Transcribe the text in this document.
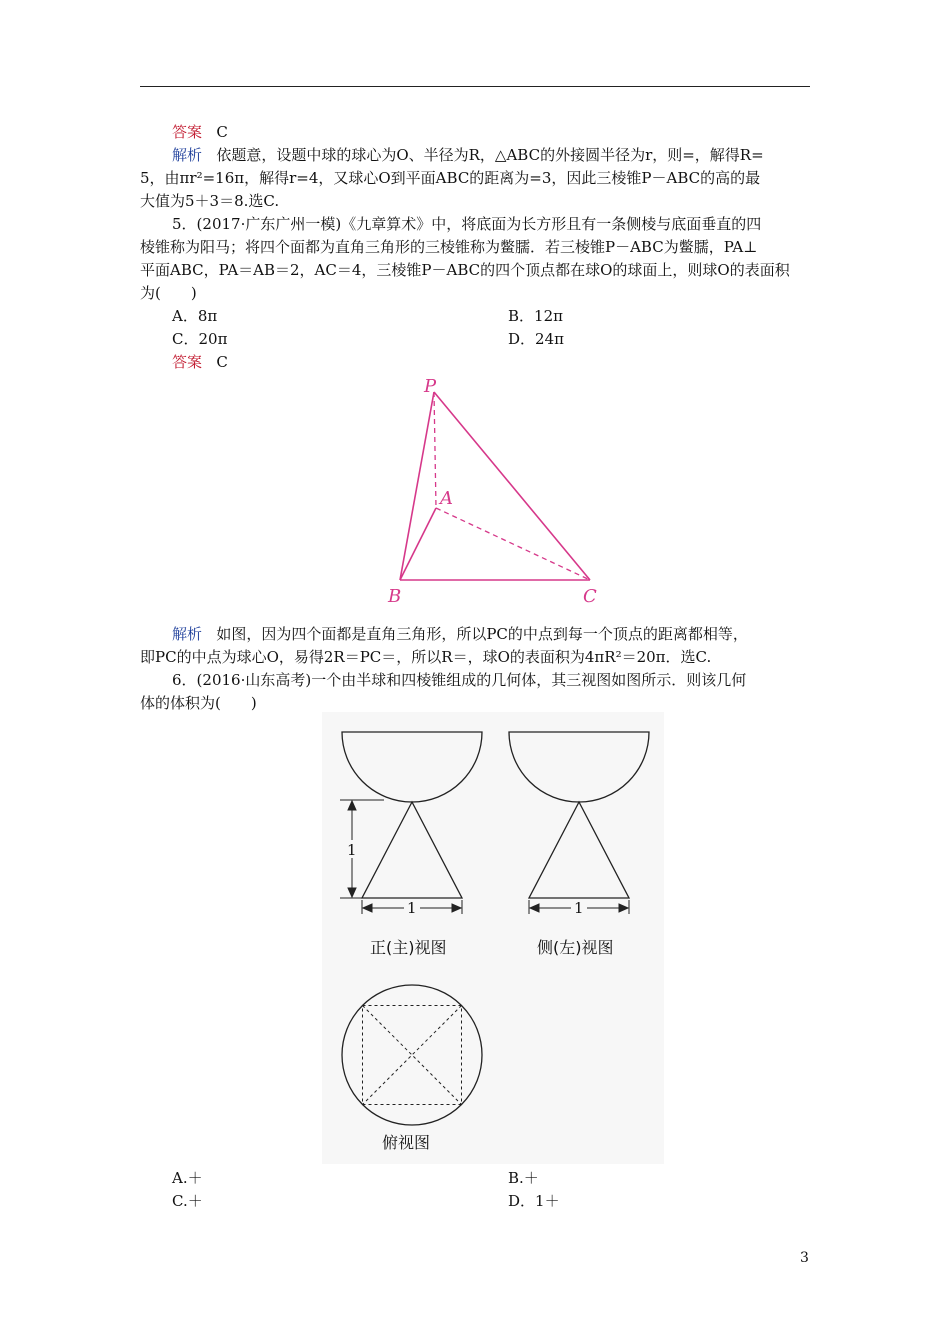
答案 C
解析 依题意，设题中球的球心为O、半径为R，△ABC的外接圆半径为r，则=，解得R=
5，由πr²=16π，解得r=4，又球心O到平面ABC的距离为=3，因此三棱锥P－ABC的高的最
大值为5＋3＝8.选C.
5．(2017·广东广州一模)《九章算术》中，将底面为长方形且有一条侧棱与底面垂直的四
棱锥称为阳马；将四个面都为直角三角形的三棱锥称为鳖臑．若三棱锥P－ABC为鳖臑，PA⊥
平面ABC，PA＝AB＝2，AC＝4，三棱锥P－ABC的四个顶点都在球O的球面上，则球O的表面积
为(　　)
A．8π	B．12π
C．20π	D．24π
答案 C
P
A
B	C
解析 如图，因为四个面都是直角三角形，所以PC的中点到每一个顶点的距离都相等，
即PC的中点为球心O，易得2R＝PC＝，所以R＝，球O的表面积为4πR²＝20π．选C.
6．(2016·山东高考)一个由半球和四棱锥组成的几何体，其三视图如图所示．则该几何
体的体积为(　　)
1
1	1
正(主)视图	侧(左)视图
俯视图
A.＋	B.＋
C.＋	D．1＋
3
